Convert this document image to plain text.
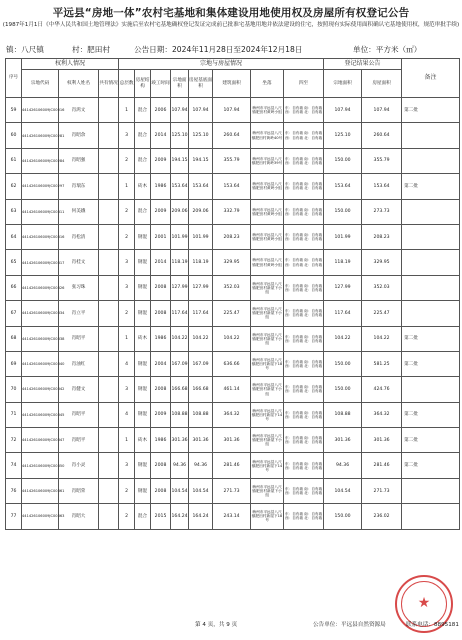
平远县“房地一体”农村宅基地和集体建设用地使用权及房屋所有权登记公告
(1987年1月1日《中华人民共和国土地管理法》实施后至农村宅基地确权登记发证完成前已批准宅基地用地并依法建设的住宅，按照现有实际使用面积确认宅基地使用权，规范审批手续)
镇：八尺镇	村：肥田村	公告日期：2024年11月28日至2024年12月18日	单位：平方米（㎡）
序号	权利人情况			宗地与房屋情况								登记结果公告		备注
	宗地代码	权利人姓名	共有情况	总层数	房屋结构	竣工时间	宗地面积	房屋基底面积	建筑面积	坐落	四至	宗地面积	房屋面积	
59	441426106009JC00016	肖鸿文		1	混合	2006	107.94	107.94	107.94	梅州市平远县八尺镇肥田村黄岭小组	东：自有墙 南：自有墙 西：自有墙 北：自有墙	107.94	107.94	第二批
60	441426106009JC00281	肖昭余		3	混合	2014	125.10	125.10	260.64	梅州市平远县八尺镇肥田村黄岭40号	东：自有墙 南：自有墙 西：自有墙 北：自有墙	125.10	260.64	
61	441426106009JC00284	肖昭强		2	混合	2009	194.15	194.15	355.79	梅州市平远县八尺镇肥田村黄岭39号	东：自有墙 南：自有墙 西：自有墙 北：自有墙	150.00	355.79	
62	441426106009JC00297	肖瑞东		1	砖木	1986	153.64	153.64	153.64	梅州市平远县八尺镇肥田村黄岭小组	东：自有墙 南：自有墙 西：自有墙 北：自有墙	153.64	153.64	第二批
63	441426106009JC00311	何美娥		2	混合	2009	209.06	209.06	332.79	梅州市平远县八尺镇肥田村黄岭小组	东：自有墙 南：自有墙 西：自有墙 北：自有墙	150.00	273.73	
64	441426106009JC00316	肖松清		2	钢混	2001	101.99	101.99	208.23	梅州市平远县八尺镇肥田村黄岭小组	东：自有墙 南：自有墙 西：自有墙 北：自有墙	101.99	208.23	
65	441426106009JC00317	肖桂文		3	钢混	2014	118.19	118.19	329.95	梅州市平远县八尺镇肥田村黄岭小组	东：自有墙 南：自有墙 西：自有墙 北：自有墙	118.19	329.95	
66	441426106009JC00326	张习珠		3	钢混	2008	127.99	127.99	352.03	梅州市平远县八尺镇肥田村新屋下小组	东：自有墙 南：自有墙 西：自有墙 北：自有墙	127.99	352.03	
67	441426106009JC00334	肖立平		2	钢混	2008	117.64	117.64	225.47	梅州市平远县八尺镇肥田村新屋下小组	东：自有墙 南：自有墙 西：自有墙 北：自有墙	117.64	225.47	
68	441426106009JC00338	肖昭平		1	砖木	1986	104.22	104.22	104.22	梅州市平远县八尺镇肥田村新屋下小组	东：自有墙 南：自有墙 西：自有墙 北：自有墙	104.22	104.22	第二批
69	441426106009JC00340	肖油红		4	钢混	2004	167.09	167.09	636.66	梅州市平远县八尺镇肥田村新屋下18号	东：自有墙 南：自有墙 西：自有墙 北：自有墙	150.00	581.25	第二批
70	441426106009JC00342	肖健文		3	钢混	2008	166.68	166.68	461.14	梅州市平远县八尺镇肥田村新屋下小组	东：自有墙 南：自有墙 西：自有墙 北：自有墙	150.00	424.76	
71	441426106009JC00345	肖昭平		4	钢混	2009	108.88	108.88	364.32	梅州市平远县八尺镇肥田村新屋下14号	东：自有墙 南：自有墙 西：自有墙 北：自有墙	108.88	364.32	第二批
72	441426106009JC00347	肖昭平		1	砖木	1986	301.36	301.36	301.36	梅州市平远县八尺镇肥田村新屋下小组	东：自有墙 南：自有墙 西：自有墙 北：自有墙	301.36	301.36	第二批
74	441426106009JC00350	肖小灵		3	钢混	2008	94.36	94.36	281.46	梅州市平远县八尺镇肥田村新屋下14号	东：自有墙 南：自有墙 西：自有墙 北：自有墙	94.36	281.46	第二批
76	441426106009JC00361	肖昭荣		2	钢混	2008	104.54	104.54	271.73	梅州市平远县八尺镇肥田村新屋下小组	东：自有墙 南：自有墙 西：自有墙 北：自有墙	104.54	271.73	
77	441426106009JC00363	肖昭大		2	混合	2015	164.24	164.24	243.14	梅州市平远县八尺镇肥田村新屋下18号	东：自有墙 南：自有墙 西：自有墙 北：自有墙	150.00	236.02	
★
第 4 页，共 9 页	公告单位：平远县自然资源局	联系电话：8895181
